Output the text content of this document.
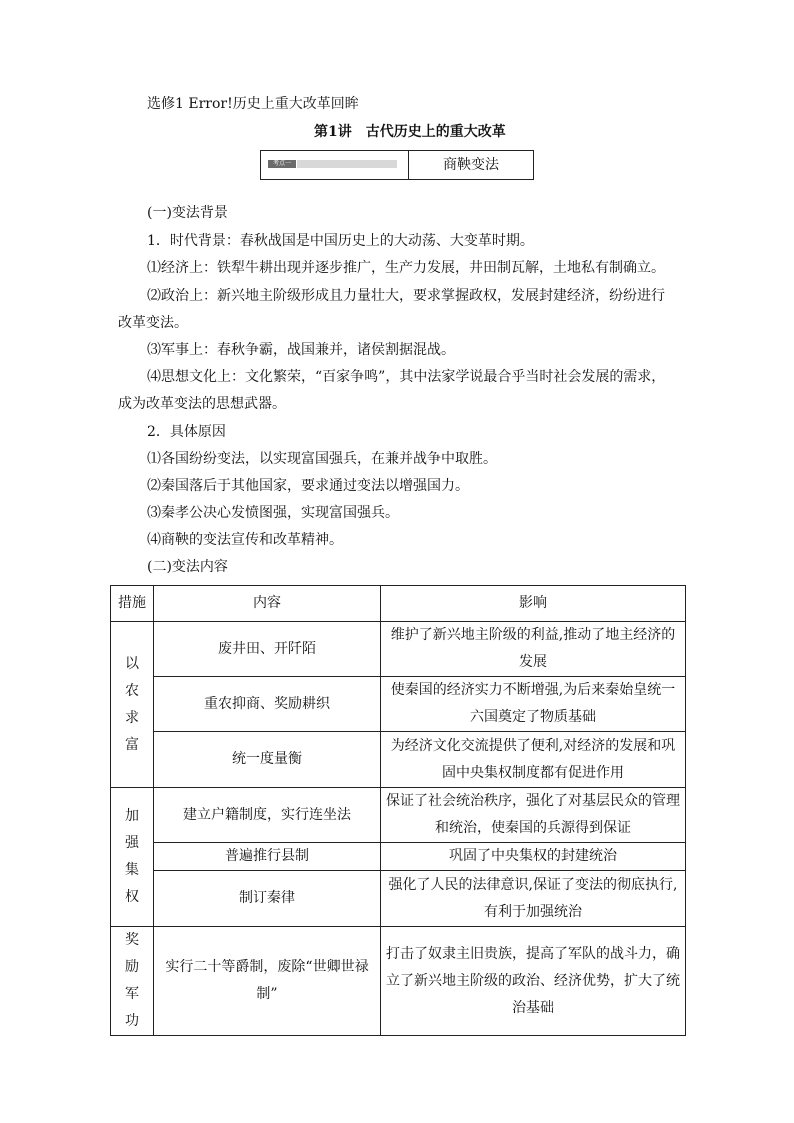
选修1 Error!历史上重大改革回眸
第1讲　古代历史上的重大改革
考点一	商鞅变法
(一)变法背景
1．时代背景：春秋战国是中国历史上的大动荡、大变革时期。
⑴经济上：铁犁牛耕出现并逐步推广，生产力发展，井田制瓦解，土地私有制确立。
⑵政治上：新兴地主阶级形成且力量壮大，要求掌握政权，发展封建经济，纷纷进行
改革变法。
⑶军事上：春秋争霸，战国兼并，诸侯割据混战。
⑷思想文化上：文化繁荣，“百家争鸣”，其中法家学说最合乎当时社会发展的需求，
成为改革变法的思想武器。
2．具体原因
⑴各国纷纷变法，以实现富国强兵，在兼并战争中取胜。
⑵秦国落后于其他国家，要求通过变法以增强国力。
⑶秦孝公决心发愤图强，实现富国强兵。
⑷商鞅的变法宣传和改革精神。
(二)变法内容
措施	内容	影响
以农求富	废井田、开阡陌	维护了新兴地主阶级的利益,推动了地主经济的发展
	重农抑商、奖励耕织	使秦国的经济实力不断增强,为后来秦始皇统一六国奠定了物质基础
	统一度量衡	为经济文化交流提供了便利,对经济的发展和巩固中央集权制度都有促进作用
加强集权	建立户籍制度，实行连坐法	保证了社会统治秩序，强化了对基层民众的管理和统治，使秦国的兵源得到保证
	普遍推行县制	巩固了中央集权的封建统治
	制订秦律	强化了人民的法律意识,保证了变法的彻底执行,有利于加强统治
奖励军功	实行二十等爵制，废除“世卿世禄制”	打击了奴隶主旧贵族，提高了军队的战斗力，确立了新兴地主阶级的政治、经济优势，扩大了统治基础
